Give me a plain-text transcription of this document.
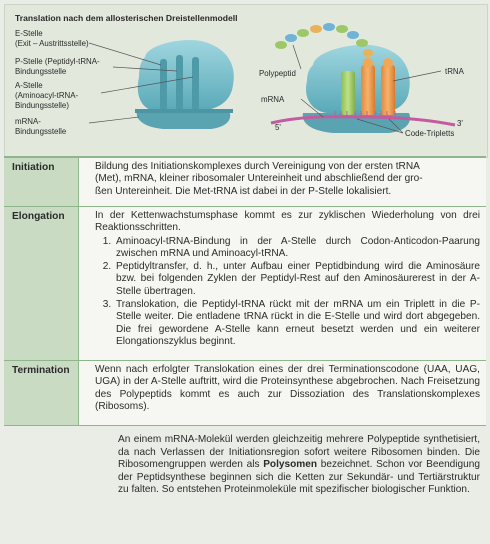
Translation nach dem allosterischen Dreistellenmodell
E-Stelle
(Exit – Austrittsstelle)
P-Stelle (Peptidyl-tRNA-
Bindungsstelle
A-Stelle
(Aminoacyl-tRNA-
Bindungsstelle)
mRNA-
Bindungsstelle
Polypeptid	tRNA
mRNA
5'	3'
Code-Tripletts
Initiation	Bildung des Initiationskomplexes durch Vereinigung von der ersten tRNA
(Met), mRNA, kleiner ribosomaler Untereinheit und abschließend der gro-
ßen Untereinheit. Die Met-tRNA ist dabei in der P-Stelle lokalisiert.
Elongation	In der Kettenwachstumsphase kommt es zur zyklischen Wiederholung von drei Reaktionsschritten.
1. Aminoacyl-tRNA-Bindung in der A-Stelle durch Codon-Anticodon-Paarung zwischen mRNA und Aminoacyl-tRNA.
2. Peptidyltransfer, d. h., unter Aufbau einer Peptidbindung wird die Aminosäure bzw. bei folgenden Zyklen der Peptidyl-Rest auf den Aminosäurerest in der A-Stelle übertragen.
3. Translokation, die Peptidyl-tRNA rückt mit der mRNA um ein Triplett in die P-Stelle weiter. Die entladene tRNA rückt in die E-Stelle und wird dort abgegeben. Die frei gewordene A-Stelle kann erneut besetzt werden und ein weiterer Elongationszyklus beginnt.
Termination	Wenn nach erfolgter Translokation eines der drei Terminationscodone (UAA, UAG, UGA) in der A-Stelle auftritt, wird die Proteinsynthese abgebrochen. Nach Freisetzung des Polypeptids kommt es auch zur Dissoziation des Translationskomplexes (Ribosoms).
An einem mRNA-Molekül werden gleichzeitig mehrere Polypeptide synthetisiert, da nach Verlassen der Initiationsregion sofort weitere Ribosomen binden. Die Ribosomengruppen werden als Polysomen bezeichnet. Schon vor Beendigung der Peptidsynthese beginnen sich die Ketten zur Sekundär- und Tertiärstruktur zu falten. So entstehen Proteinmoleküle mit spezifischer biologischer Funktion.
